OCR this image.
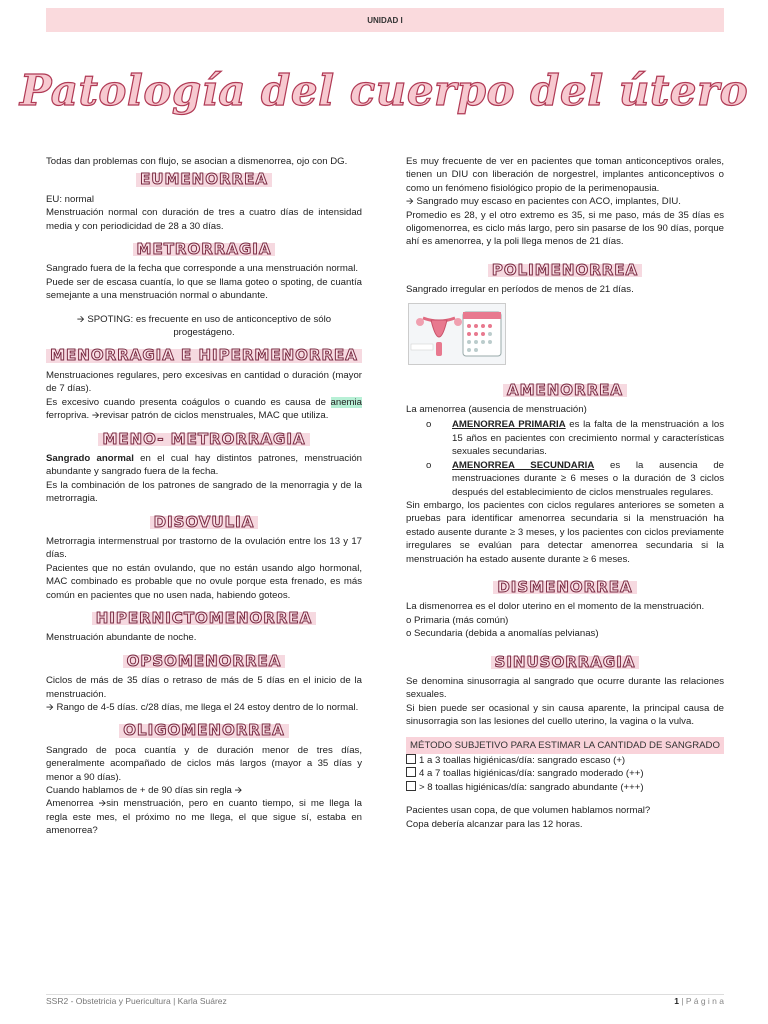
UNIDAD I
Patología del cuerpo del útero

Todas dan problemas con flujo, se asocian a dismenorrea, ojo con DG.

EUMENORREA

EU: normal

Menstruación normal con duración de tres a cuatro días de intensidad media y con periodicidad de 28 a 30 días.

METRORRAGIA

Sangrado fuera de la fecha que corresponde a una menstruación normal.

Puede ser de escasa cuantía, lo que se llama goteo o spoting, de cuantía semejante a una menstruación normal o abundante.

🡪 SPOTING: es frecuente en uso de anticonceptivo de sólo progestágeno.

MENORRAGIA E HIPERMENORREA

Menstruaciones regulares, pero excesivas en cantidad o duración (mayor de 7 días).

Es excesivo cuando presenta coágulos o cuando es causa de anemia ferropriva. 🡪revisar patrón de ciclos menstruales, MAC que utiliza.

MENO- METRORRAGIA

Sangrado anormal en el cual hay distintos patrones, menstruación abundante y sangrado fuera de la fecha.

Es la combinación de los patrones de sangrado de la menorragia y de la metrorragia.

DISOVULIA

Metrorragia intermenstrual por trastorno de la ovulación entre los 13 y 17 días.

Pacientes que no están ovulando, que no están usando algo hormonal, MAC combinado es probable que no ovule porque esta frenado, es más común en pacientes que no usen nada, habiendo goteos.

HIPERNICTOMENORREA

Menstruación abundante de noche.

OPSOMENORREA

Ciclos de más de 35 días o retraso de más de 5 días en el inicio de la menstruación.

🡪 Rango de 4-5 días. c/28 días, me llega el 24 estoy dentro de lo normal.

OLIGOMENORREA

Sangrado de poca cuantía y de duración menor de tres días, generalmente acompañado de ciclos más largos (mayor a 35 días y menor a 90 días).

Cuando hablamos de + de 90 días sin regla 🡪

Amenorrea 🡪sin menstruación, pero en cuanto tiempo, si me llega la regla este mes, el próximo no me llega, el que sigue sí, estaba en amenorrea?

Es muy frecuente de ver en pacientes que toman anticonceptivos orales, tienen un DIU con liberación de norgestrel, implantes anticonceptivos o como un fenómeno fisiológico propio de la perimenopausia.

🡪 Sangrado muy escaso en pacientes con ACO, implantes, DIU.

Promedio es 28, y el otro extremo es 35, si me paso, más de 35 días es oligomenorrea, es ciclo más largo, pero sin pasarse de los 90 días, porque ahí es amenorrea, y la poli llega menos de 21 días.

POLIMENORREA

Sangrado irregular en períodos de menos de 21 días.

AMENORREA

La amenorrea (ausencia de menstruación)

o AMENORREA PRIMARIA es la falta de la menstruación a los 15 años en pacientes con crecimiento normal y características sexuales secundarias.
o AMENORREA SECUNDARIA es la ausencia de menstruaciones durante ≥ 6 meses o la duración de 3 ciclos después del establecimiento de ciclos menstruales regulares.

Sin embargo, los pacientes con ciclos regulares anteriores se someten a pruebas para identificar amenorrea secundaria si la menstruación ha estado ausente durante ≥ 3 meses, y los pacientes con ciclos previamente irregulares se evalúan para detectar amenorrea secundaria si la menstruación ha estado ausente durante ≥ 6 meses.

DISMENORREA

La dismenorrea es el dolor uterino en el momento de la menstruación.

o Primaria (más común)

o Secundaria (debida a anomalías pelvianas)

SINUSORRAGIA

Se denomina sinusorragia al sangrado que ocurre durante las relaciones sexuales.

Si bien puede ser ocasional y sin causa aparente, la principal causa de sinusorragia son las lesiones del cuello uterino, la vagina o la vulva.

MÉTODO SUBJETIVO PARA ESTIMAR LA CANTIDAD DE SANGRADO

1 a 3 toallas higiénicas/día: sangrado escaso (+)

4 a 7 toallas higiénicas/día: sangrado moderado (++)

> 8 toallas higiénicas/día: sangrado abundante (+++)

Pacientes usan copa, de que volumen hablamos normal?

Copa debería alcanzar para las 12 horas.

SSR2 - Obstetricia y Puericultura | Karla Suárez	1 | P á g i n a
